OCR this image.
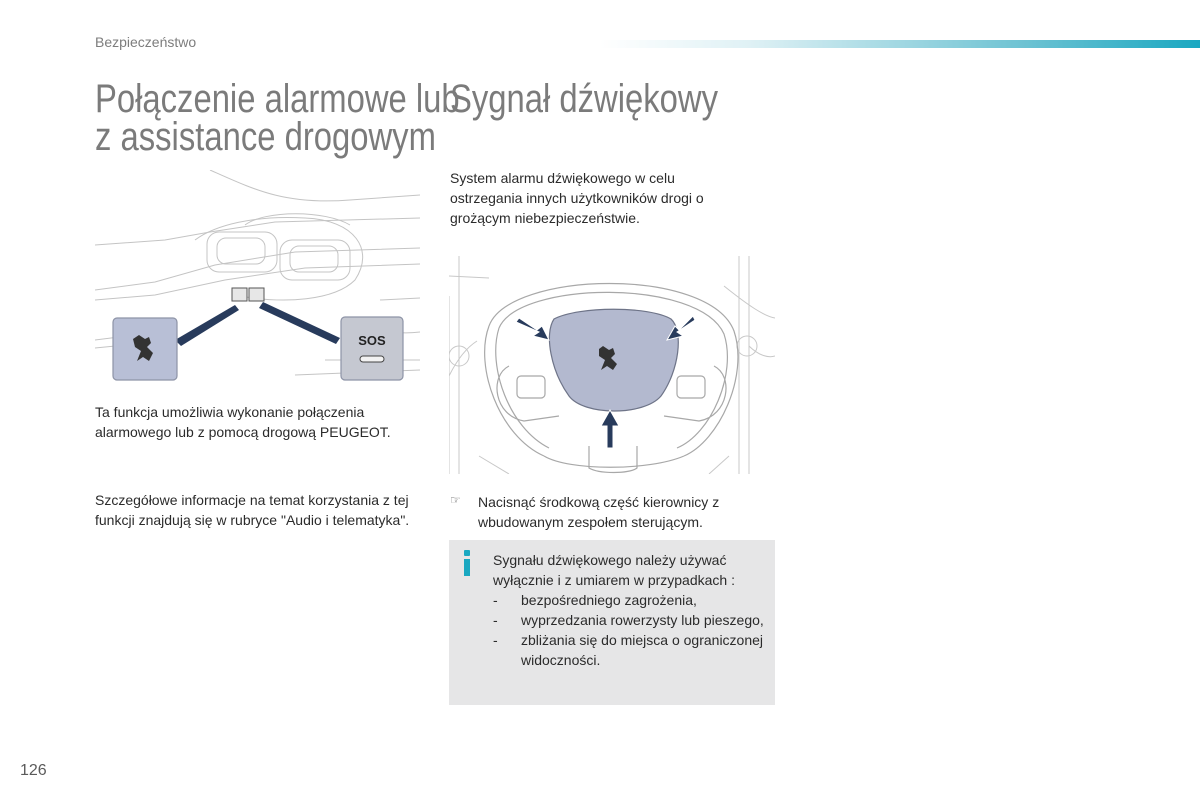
Bezpieczeństwo
Połączenie alarmowe lub
z assistance drogowym
SOS

Ta funkcja umożliwia wykonanie połączenia alarmowego lub z pomocą drogową PEUGEOT.

Szczegółowe informacje na temat korzystania z tej funkcji znajdują się w rubryce "Audio i telematyka".

Sygnał dźwiękowy

System alarmu dźwiękowego w celu ostrzegania innych użytkowników drogi o grożącym niebezpieczeństwie.

☞ Nacisnąć środkową część kierownicy z wbudowanym zespołem sterującym.
Sygnału dźwiękowego należy używać wyłącznie i z umiarem w przypadkach :
- bezpośredniego zagrożenia,
- wyprzedzania rowerzysty lub pieszego,
- zbliżania się do miejsca o ograniczonej widoczności.
126
